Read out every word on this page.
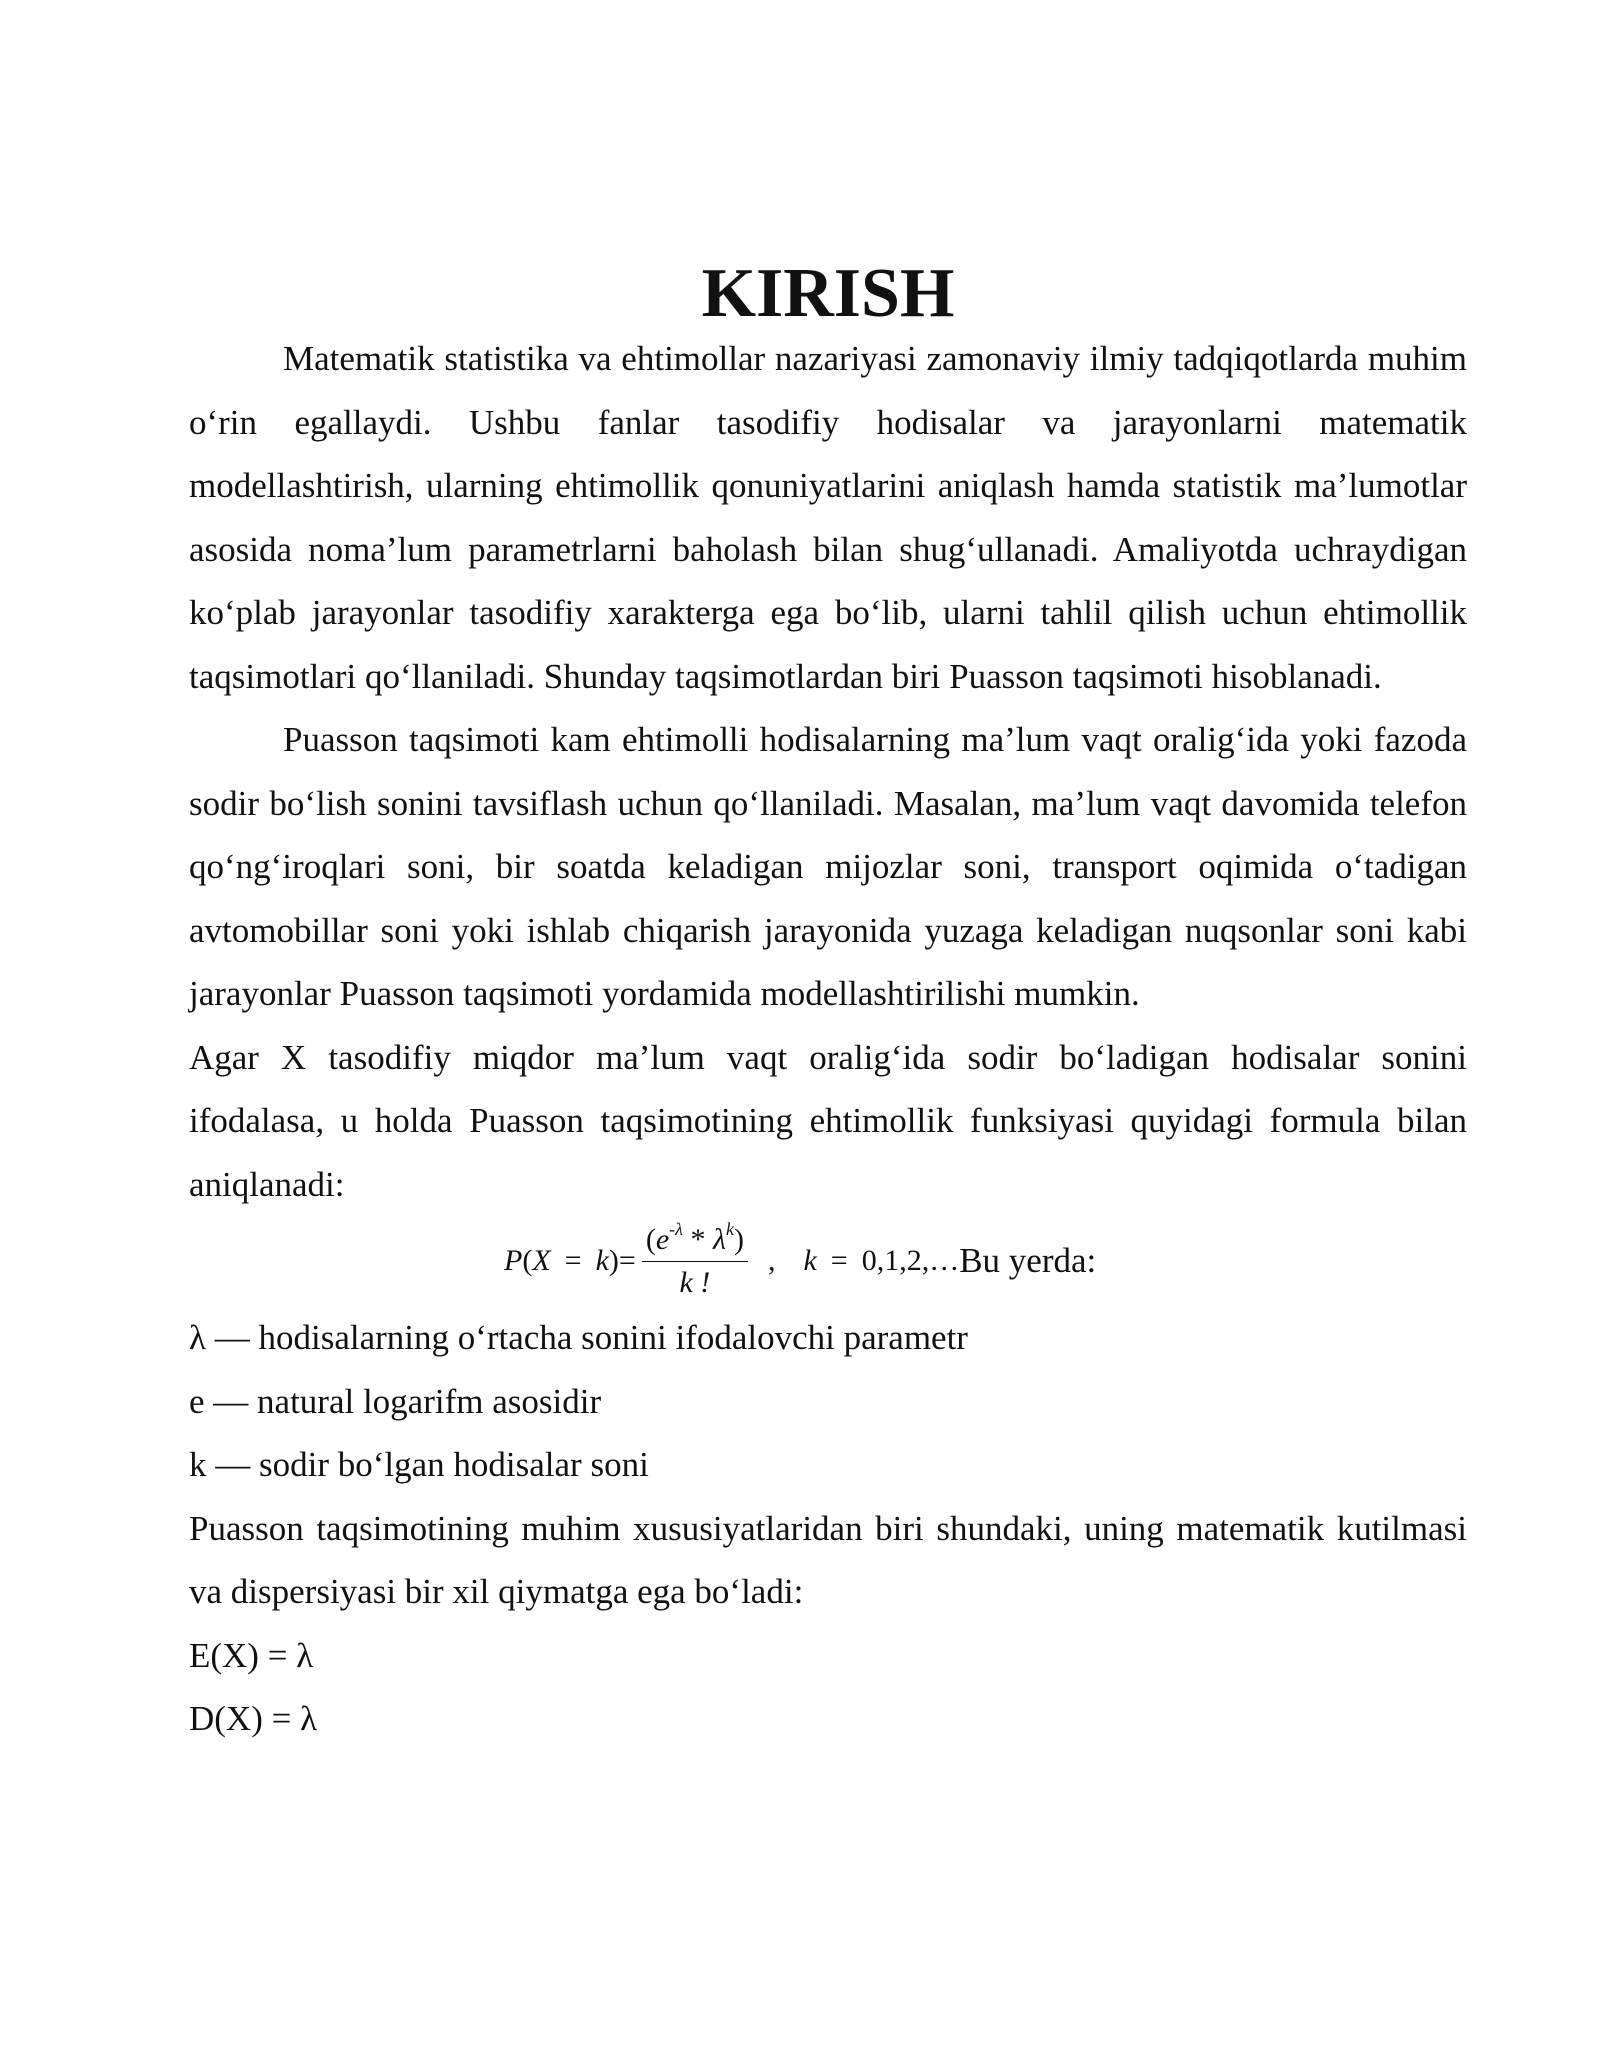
KIRISH

Matematik statistika va ehtimollar nazariyasi zamonaviy ilmiy tadqiqotlarda muhim o‘rin egallaydi. Ushbu fanlar tasodifiy hodisalar va jarayonlarni matematik modellashtirish, ularning ehtimollik qonuniyatlarini aniqlash hamda statistik ma’lumotlar asosida noma’lum parametrlarni baholash bilan shug‘ullanadi. Amaliyotda uchraydigan ko‘plab jarayonlar tasodifiy xarakterga ega bo‘lib, ularni tahlil qilish uchun ehtimollik taqsimotlari qo‘llaniladi. Shunday taqsimotlardan biri Puasson taqsimoti hisoblanadi.

Puasson taqsimoti kam ehtimolli hodisalarning ma’lum vaqt oralig‘ida yoki fazoda sodir bo‘lish sonini tavsiflash uchun qo‘llaniladi. Masalan, ma’lum vaqt davomida telefon qo‘ng‘iroqlari soni, bir soatda keladigan mijozlar soni, transport oqimida o‘tadigan avtomobillar soni yoki ishlab chiqarish jarayonida yuzaga keladigan nuqsonlar soni kabi jarayonlar Puasson taqsimoti yordamida modellashtirilishi mumkin.

Agar X tasodifiy miqdor ma’lum vaqt oralig‘ida sodir bo‘ladigan hodisalar sonini ifodalasa, u holda Puasson taqsimotining ehtimollik funksiyasi quyidagi formula bilan aniqlanadi:

P ( X = k )= $\frac{(e^{-\lambda} * \lambda^k)}{k !}$ , k = 0,1,2,… Bu yerda:

λ — hodisalarning o‘rtacha sonini ifodalovchi parametr

e — natural logarifm asosidir

k — sodir bo‘lgan hodisalar soni

Puasson taqsimotining muhim xususiyatlaridan biri shundaki, uning matematik kutilmasi va dispersiyasi bir xil qiymatga ega bo‘ladi:

E(X) = λ

D(X) = λ
